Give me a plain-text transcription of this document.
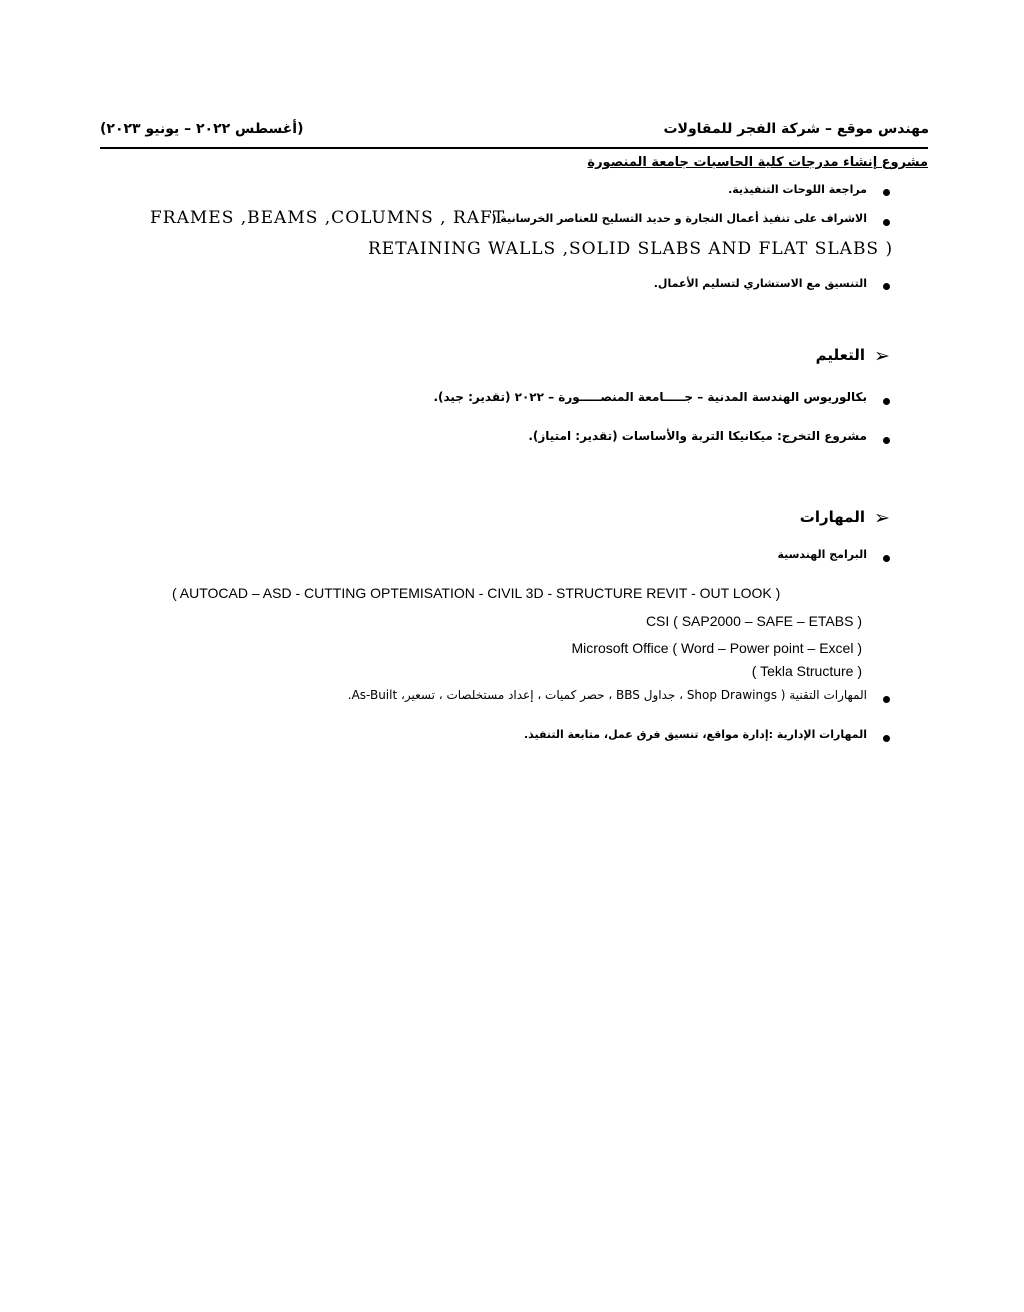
مهندس موقع – شركة الفجر للمقاولات
(أغسطس ٢٠٢٢ – يونيو ٢٠٢٣)
مشروع إنشاء مدرجات كلية الحاسبات جامعة المنصورة
مراجعة اللوحات التنفيذية.
الاشراف على تنفيذ أعمال النجارة و حديد التسليح للعناصر الخرسانية (
FRAMES ,BEAMS ,COLUMNS , RAFT
RETAINING WALLS ,SOLID SLABS AND FLAT SLABS )
التنسيق مع الاستشاري لتسليم الأعمال.
➢
التعليم
بكالوريوس الهندسة المدنية – جـــــامعة المنصـــــورة – ٢٠٢٢ (تقدير: جيد).
مشروع التخرج: ميكانيكا التربة والأساسات (تقدير: امتياز).
➢
المهارات
البرامج الهندسية
( AUTOCAD – ASD - CUTTING OPTEMISATION - CIVIL 3D - STRUCTURE REVIT - OUT LOOK )
CSI ( SAP2000 – SAFE – ETABS )
Microsoft Office ( Word – Power point – Excel )
( Tekla Structure )
المهارات التقنية ( Shop Drawings ، جداول BBS ، حصر كميات ، إعداد مستخلصات ، تسعير، As-Built.
المهارات الإدارية :إدارة مواقع، تنسيق فرق عمل، متابعة التنفيذ.
